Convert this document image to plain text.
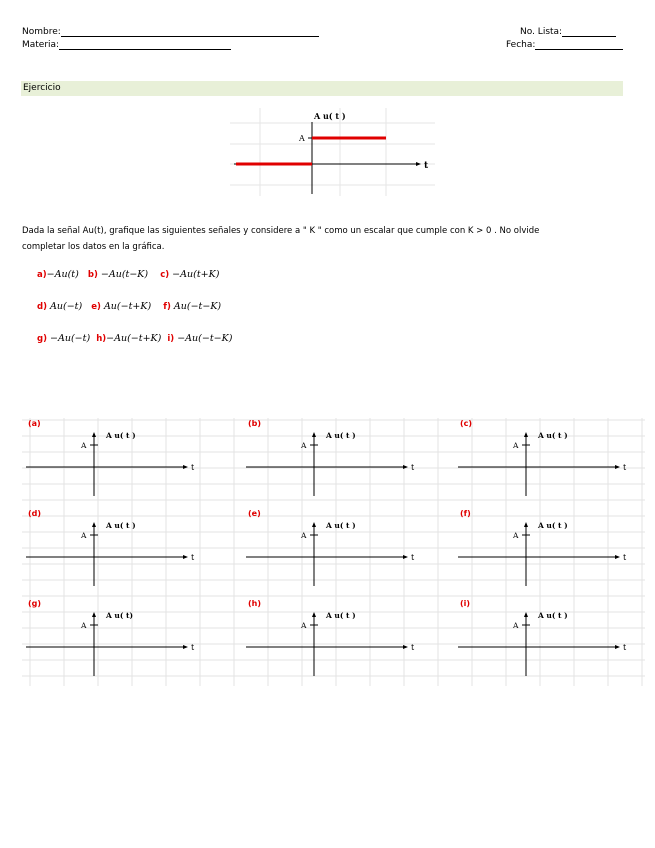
Nombre:
Materia:
No. Lista:
Fecha:
Ejercicio
A u( t )
A
t
Dada la señal Au(t), grafique las siguientes señales y considere a " K " como un escalar que cumple con K > 0 . No olvide
completar los datos en la gráfica.
a)−Au(t) b) −Au(t−K) c) −Au(t+K)
d) Au(−t) e) Au(−t+K) f) Au(−t−K)
g) −Au(−t) h)−Au(−t+K) i) −Au(−t−K)
(a)
A
A u( t )
t
(b)
A
A u( t )
t
(c)
A
A u( t )
t
(d)
A
A u( t )
t
(e)
A
A u( t )
t
(f)
A
A u( t )
t
(g)
A
A u( t)
t
(h)
A
A u( t )
t
(i)
A
A u( t )
t
